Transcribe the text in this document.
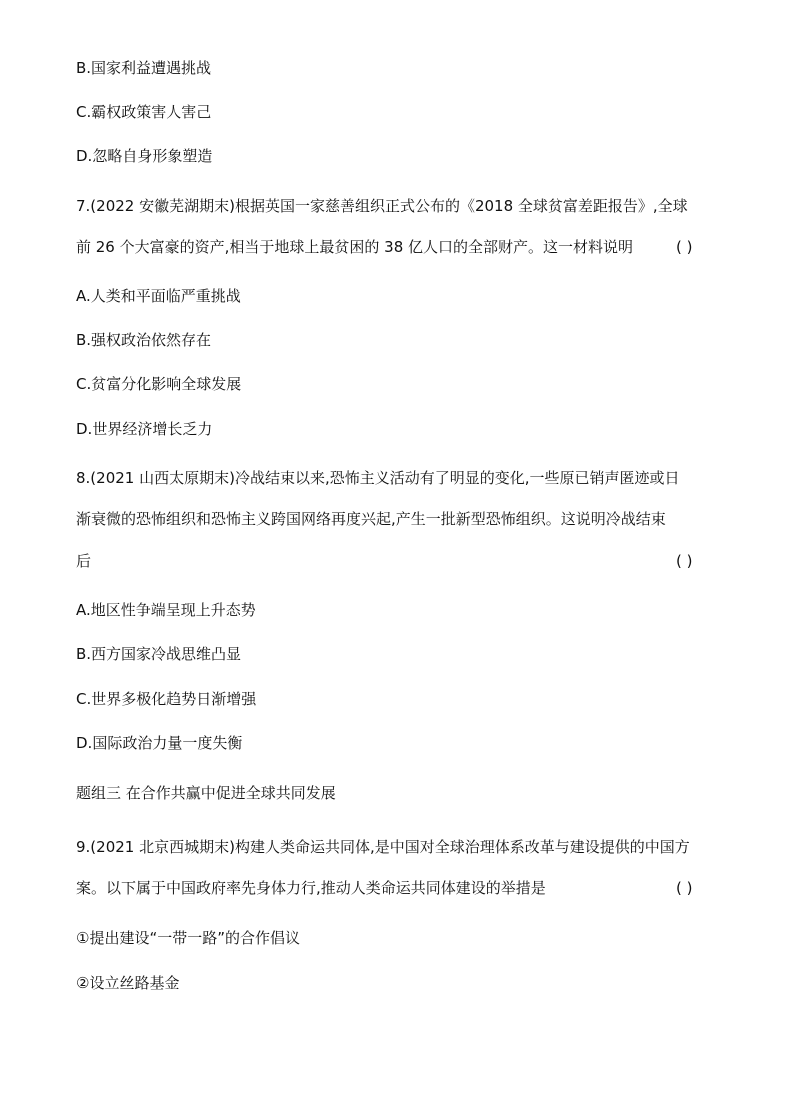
B.国家利益遭遇挑战
C.霸权政策害人害己
D.忽略自身形象塑造
7.(2022 安徽芜湖期末)根据英国一家慈善组织正式公布的《2018 全球贫富差距报告》,全球
前 26 个大富豪的资产,相当于地球上最贫困的 38 亿人口的全部财产。这一材料说明	( )
A.人类和平面临严重挑战
B.强权政治依然存在
C.贫富分化影响全球发展
D.世界经济增长乏力
8.(2021 山西太原期末)冷战结束以来,恐怖主义活动有了明显的变化,一些原已销声匿迹或日
渐衰微的恐怖组织和恐怖主义跨国网络再度兴起,产生一批新型恐怖组织。这说明冷战结束
后	( )
A.地区性争端呈现上升态势
B.西方国家冷战思维凸显
C.世界多极化趋势日渐增强
D.国际政治力量一度失衡
题组三 在合作共赢中促进全球共同发展
9.(2021 北京西城期末)构建人类命运共同体,是中国对全球治理体系改革与建设提供的中国方
案。以下属于中国政府率先身体力行,推动人类命运共同体建设的举措是	( )
①提出建设“一带一路”的合作倡议
②设立丝路基金
